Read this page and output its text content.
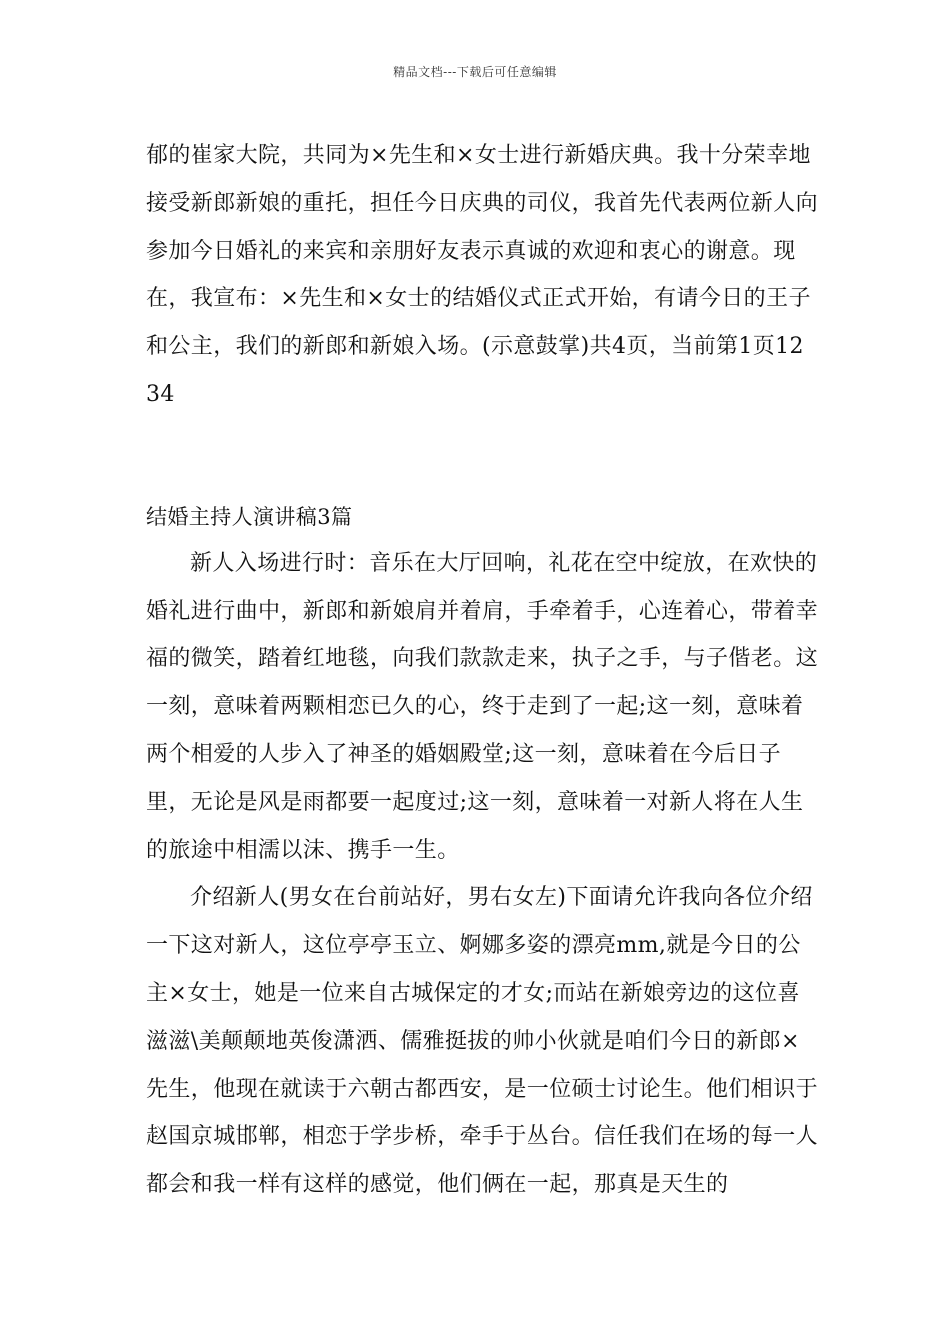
精品文档---下载后可任意编辑

郁的崔家大院，共同为×先生和×女士进行新婚庆典。我十分荣幸地接受新郎新娘的重托，担任今日庆典的司仪，我首先代表两位新人向参加今日婚礼的来宾和亲朋好友表示真诚的欢迎和衷心的谢意。现在，我宣布：×先生和×女士的结婚仪式正式开始，有请今日的王子和公主，我们的新郎和新娘入场。(示意鼓掌)共4页，当前第1页1234

结婚主持人演讲稿3篇

新人入场进行时：音乐在大厅回响，礼花在空中绽放，在欢快的婚礼进行曲中，新郎和新娘肩并着肩，手牵着手，心连着心，带着幸福的微笑，踏着红地毯，向我们款款走来，执子之手，与子偕老。这一刻，意味着两颗相恋已久的心，终于走到了一起;这一刻，意味着两个相爱的人步入了神圣的婚姻殿堂;这一刻，意味着在今后日子里，无论是风是雨都要一起度过;这一刻，意味着一对新人将在人生的旅途中相濡以沫、携手一生。

介绍新人(男女在台前站好，男右女左)下面请允许我向各位介绍一下这对新人，这位亭亭玉立、婀娜多姿的漂亮mm,就是今日的公主×女士，她是一位来自古城保定的才女;而站在新娘旁边的这位喜滋滋\美颠颠地英俊潇洒、儒雅挺拔的帅小伙就是咱们今日的新郎×先生，他现在就读于六朝古都西安，是一位硕士讨论生。他们相识于赵国京城邯郸，相恋于学步桥，牵手于丛台。信任我们在场的每一人都会和我一样有这样的感觉，他们俩在一起，那真是天生的
